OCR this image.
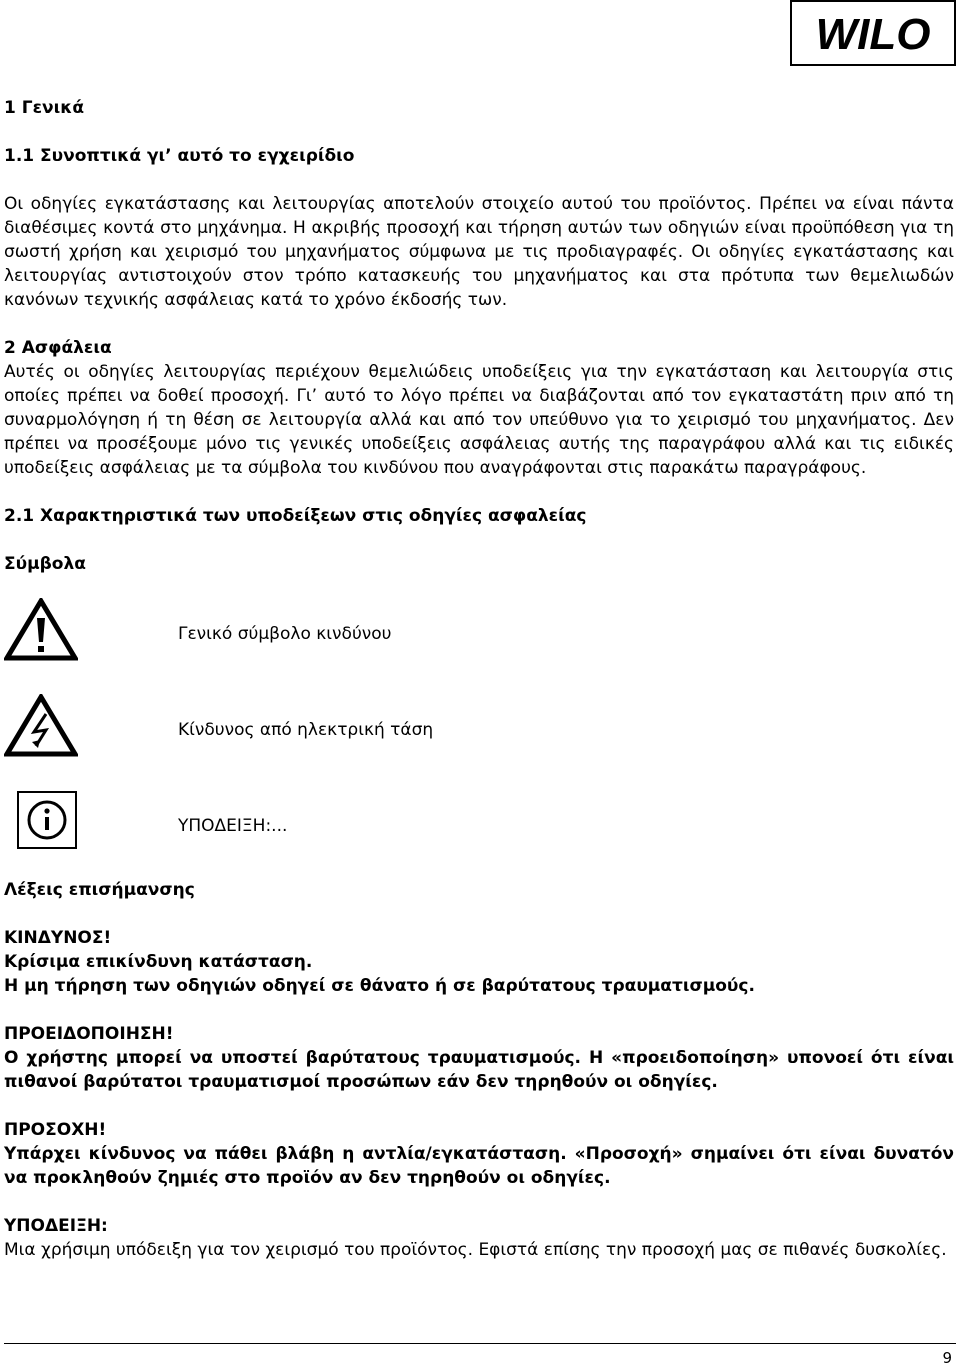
WILO
1 Γενικά
1.1 Συνοπτικά γι’ αυτό το εγχειρίδιο
Οι οδηγίες εγκατάστασης και λειτουργίας αποτελούν στοιχείο αυτού του προϊόντος. Πρέπει να είναι πάντα διαθέσιμες κοντά στο μηχάνημα. Η ακριβής προσοχή και τήρηση αυτών των οδηγιών είναι προϋπόθεση για τη σωστή χρήση και χειρισμό του μηχανήματος σύμφωνα με τις προδιαγραφές. Οι οδηγίες εγκατάστασης και λειτουργίας αντιστοιχούν στον τρόπο κατασκευής του μηχανήματος και στα πρότυπα των θεμελιωδών κανόνων τεχνικής ασφάλειας κατά το χρόνο έκδοσής των.
2 Ασφάλεια
Αυτές οι οδηγίες λειτουργίας περιέχουν θεμελιώδεις υποδείξεις για την εγκατάσταση και λειτουργία στις οποίες πρέπει να δοθεί προσοχή. Γι’ αυτό το λόγο πρέπει να διαβάζονται από τον εγκαταστάτη πριν από τη συναρμολόγηση ή τη θέση σε λειτουργία αλλά και από τον υπεύθυνο για το χειρισμό του μηχανήματος. Δεν πρέπει να προσέξουμε μόνο τις γενικές υποδείξεις ασφάλειας αυτής της παραγράφου αλλά και τις ειδικές υποδείξεις ασφάλειας με τα σύμβολα του κινδύνου που αναγράφονται στις παρακάτω παραγράφους.
2.1 Χαρακτηριστικά των υποδείξεων στις οδηγίες ασφαλείας
Σύμβολα
Γενικό σύμβολο κινδύνου
Κίνδυνος από ηλεκτρική τάση
ΥΠΟΔΕΙΞΗ:...
Λέξεις επισήμανσης
ΚΙΝΔΥΝΟΣ!
Κρίσιμα επικίνδυνη κατάσταση.
Η μη τήρηση των οδηγιών οδηγεί σε θάνατο ή σε βαρύτατους τραυματισμούς.
ΠΡΟΕΙΔΟΠΟΙΗΣΗ!
Ο χρήστης μπορεί να υποστεί βαρύτατους τραυματισμούς. Η «προειδοποίηση» υπονοεί ότι είναι πιθανοί βαρύτατοι τραυματισμοί προσώπων εάν δεν τηρηθούν οι οδηγίες.
ΠΡΟΣΟΧΗ!
Υπάρχει κίνδυνος να πάθει βλάβη η αντλία/εγκατάσταση. «Προσοχή» σημαίνει ότι είναι δυνατόν να προκληθούν ζημιές στο προϊόν αν δεν τηρηθούν οι οδηγίες.
ΥΠΟΔΕΙΞΗ:
Μια χρήσιμη υπόδειξη για τον χειρισμό του προϊόντος. Εφιστά επίσης την προσοχή μας σε πιθανές δυσκολίες.
9
